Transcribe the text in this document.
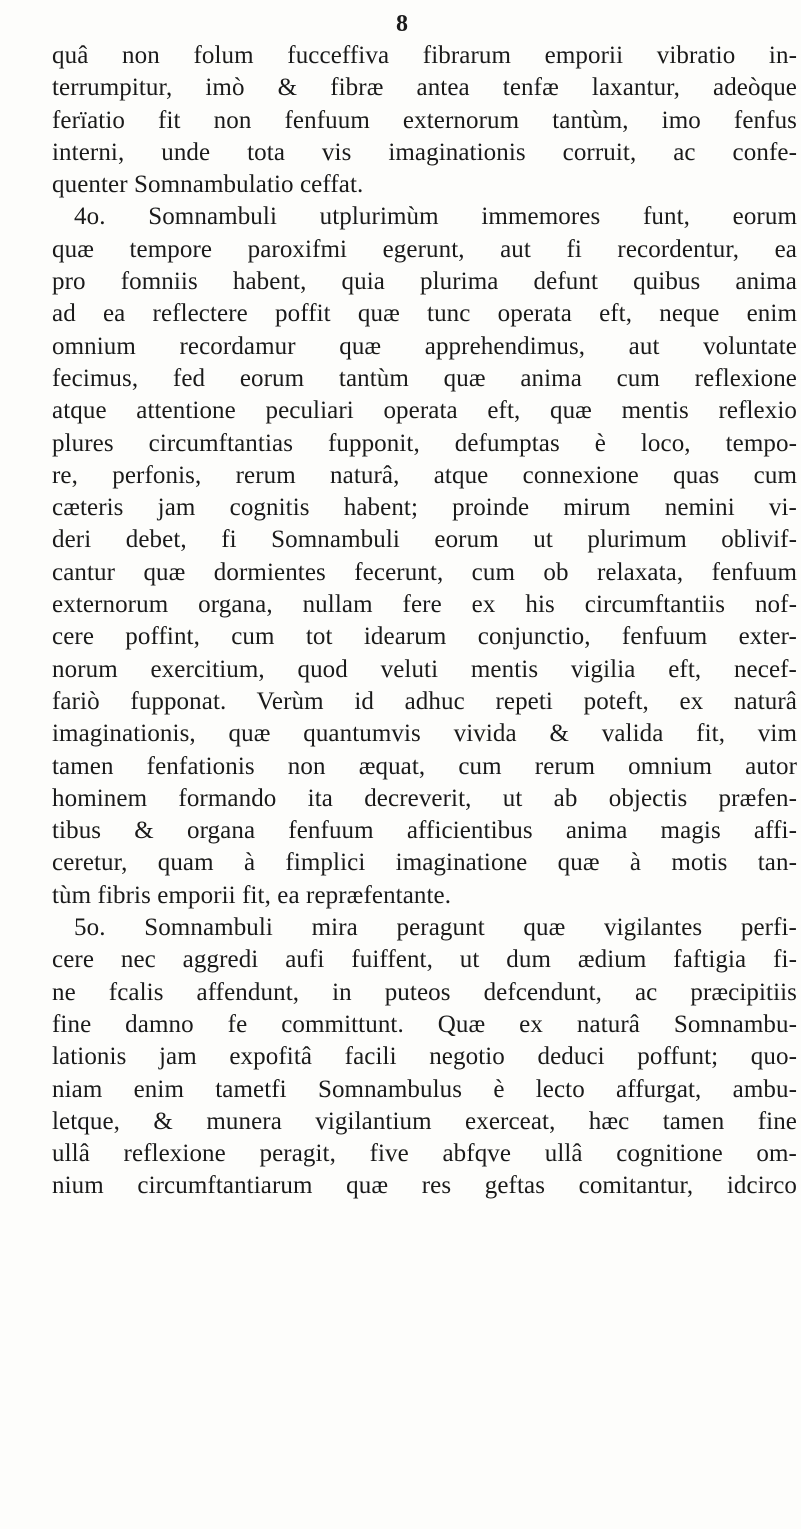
8
quâ non folum fucceffiva fibrarum emporii vibratio in-
terrumpitur, imò & fibræ antea tenfæ laxantur, adeòque
ferïatio fit non fenfuum externorum tantùm, imo fenfus
interni, unde tota vis imaginationis corruit, ac confe-
quenter Somnambulatio ceffat.
4o. Somnambuli utplurimùm immemores funt, eorum
quæ tempore paroxifmi egerunt, aut fi recordentur, ea
pro fomniis habent, quia plurima defunt quibus anima
ad ea reflectere poffit quæ tunc operata eft, neque enim
omnium recordamur quæ apprehendimus, aut voluntate
fecimus, fed eorum tantùm quæ anima cum reflexione
atque attentione peculiari operata eft, quæ mentis reflexio
plures circumftantias fupponit, defumptas è loco, tempo-
re, perfonis, rerum naturâ, atque connexione quas cum
cæteris jam cognitis habent; proinde mirum nemini vi-
deri debet, fi Somnambuli eorum ut plurimum oblivif-
cantur quæ dormientes fecerunt, cum ob relaxata, fenfuum
externorum organa, nullam fere ex his circumftantiis nof-
cere poffint, cum tot idearum conjunctio, fenfuum exter-
norum exercitium, quod veluti mentis vigilia eft, necef-
fariò fupponat. Verùm id adhuc repeti poteft, ex naturâ
imaginationis, quæ quantumvis vivida & valida fit, vim
tamen fenfationis non æquat, cum rerum omnium autor
hominem formando ita decreverit, ut ab objectis præfen-
tibus & organa fenfuum afficientibus anima magis affi-
ceretur, quam à fimplici imaginatione quæ à motis tan-
tùm fibris emporii fit, ea repræfentante.
5o. Somnambuli mira peragunt quæ vigilantes perfi-
cere nec aggredi aufi fuiffent, ut dum ædium faftigia fi-
ne fcalis affendunt, in puteos defcendunt, ac præcipitiis
fine damno fe committunt. Quæ ex naturâ Somnambu-
lationis jam expofitâ facili negotio deduci poffunt; quo-
niam enim tametfi Somnambulus è lecto affurgat, ambu-
letque, & munera vigilantium exerceat, hæc tamen fine
ullâ reflexione peragit, five abfqve ullâ cognitione om-
nium circumftantiarum quæ res geftas comitantur, idcirco
